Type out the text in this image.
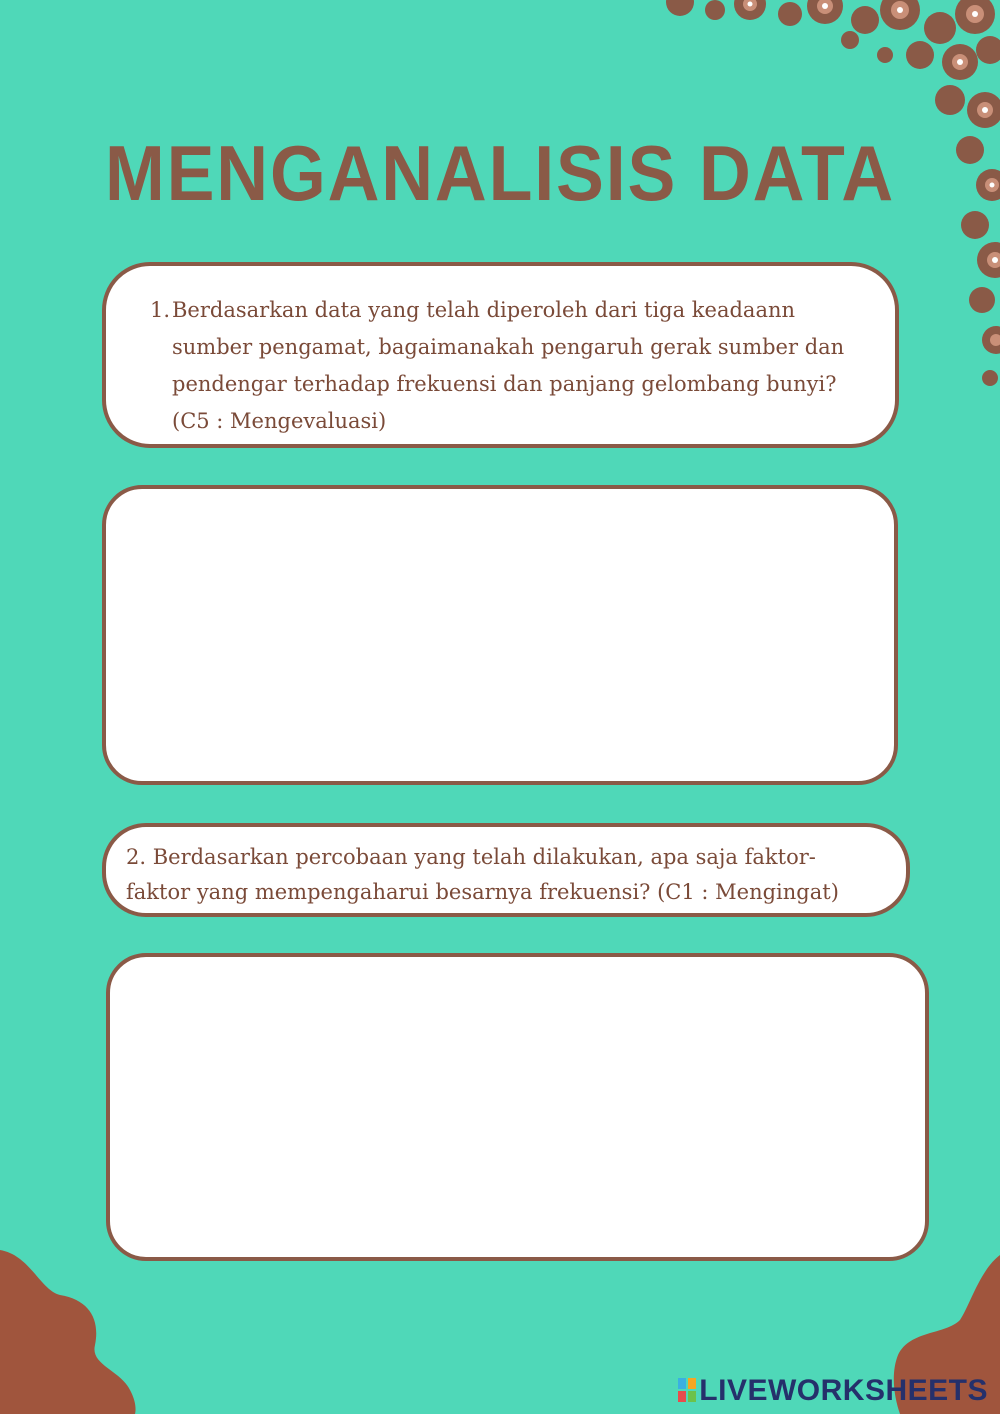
MENGANALISIS DATA
1. Berdasarkan data yang telah diperoleh dari tiga keadaann sumber pengamat, bagaimanakah pengaruh gerak sumber dan pendengar terhadap frekuensi dan panjang gelombang bunyi? (C5 : Mengevaluasi)
2. Berdasarkan percobaan yang telah dilakukan, apa saja faktor-
faktor yang mempengaharui besarnya frekuensi? (C1 : Mengingat)
LIVEWORKSHEETS
